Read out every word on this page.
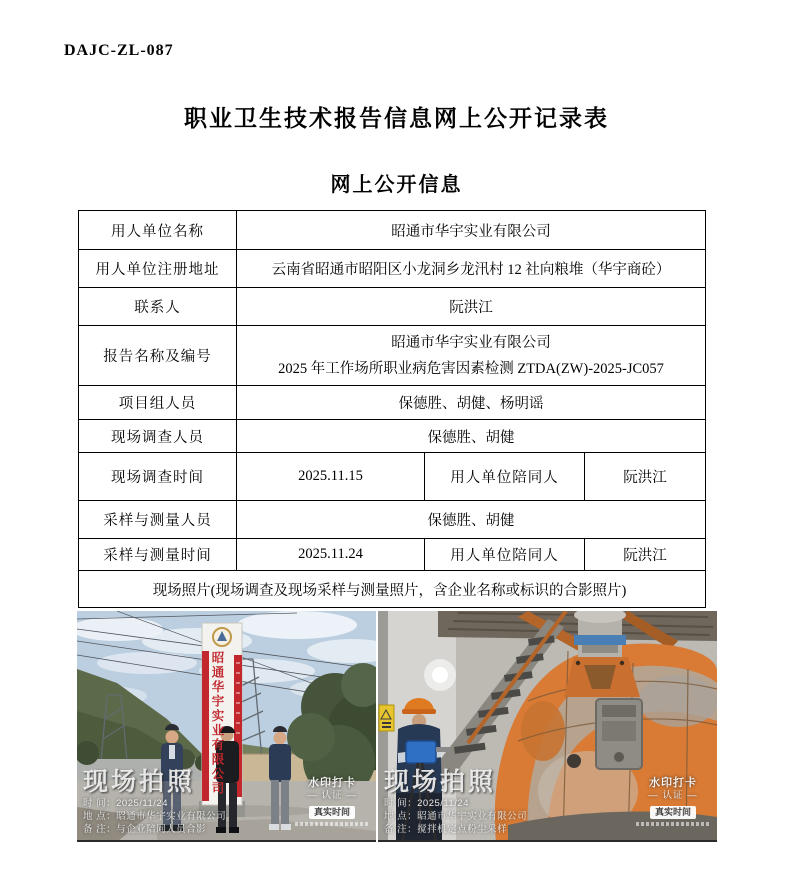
DAJC-ZL-087
职业卫生技术报告信息网上公开记录表
网上公开信息
用人单位名称	昭通市华宇实业有限公司		
用人单位注册地址	云南省昭通市昭阳区小龙洞乡龙汛村 12 社向粮堆（华宇商砼）		
联系人	阮洪江		
报告名称及编号	昭通市华宇实业有限公司
2025 年工作场所职业病危害因素检测 ZTDA(ZW)-2025-JC057		

项目组人员	保德胜、胡健、杨明谣		
现场调查人员	保德胜、胡健		
现场调查时间	2025.11.15	用人单位陪同人	阮洪江
采样与测量人员	保德胜、胡健		
采样与测量时间	2025.11.24	用人单位陪同人	阮洪江

现场照片(现场调查及现场采样与测量照片，含企业名称或标识的合影照片)			
昭通华宇实业有限公司
现场拍照
时 间：2025/11/24
地 点：昭通市华宇实业有限公司
备 注：与企业陪同人员合影
水印打卡
— 认证 —
真实时间
现场拍照
时 间：2025/11/24
地 点：昭通市华宇实业有限公司
备 注：搅拌机定点粉尘采样
水印打卡
— 认证 —
真实时间
